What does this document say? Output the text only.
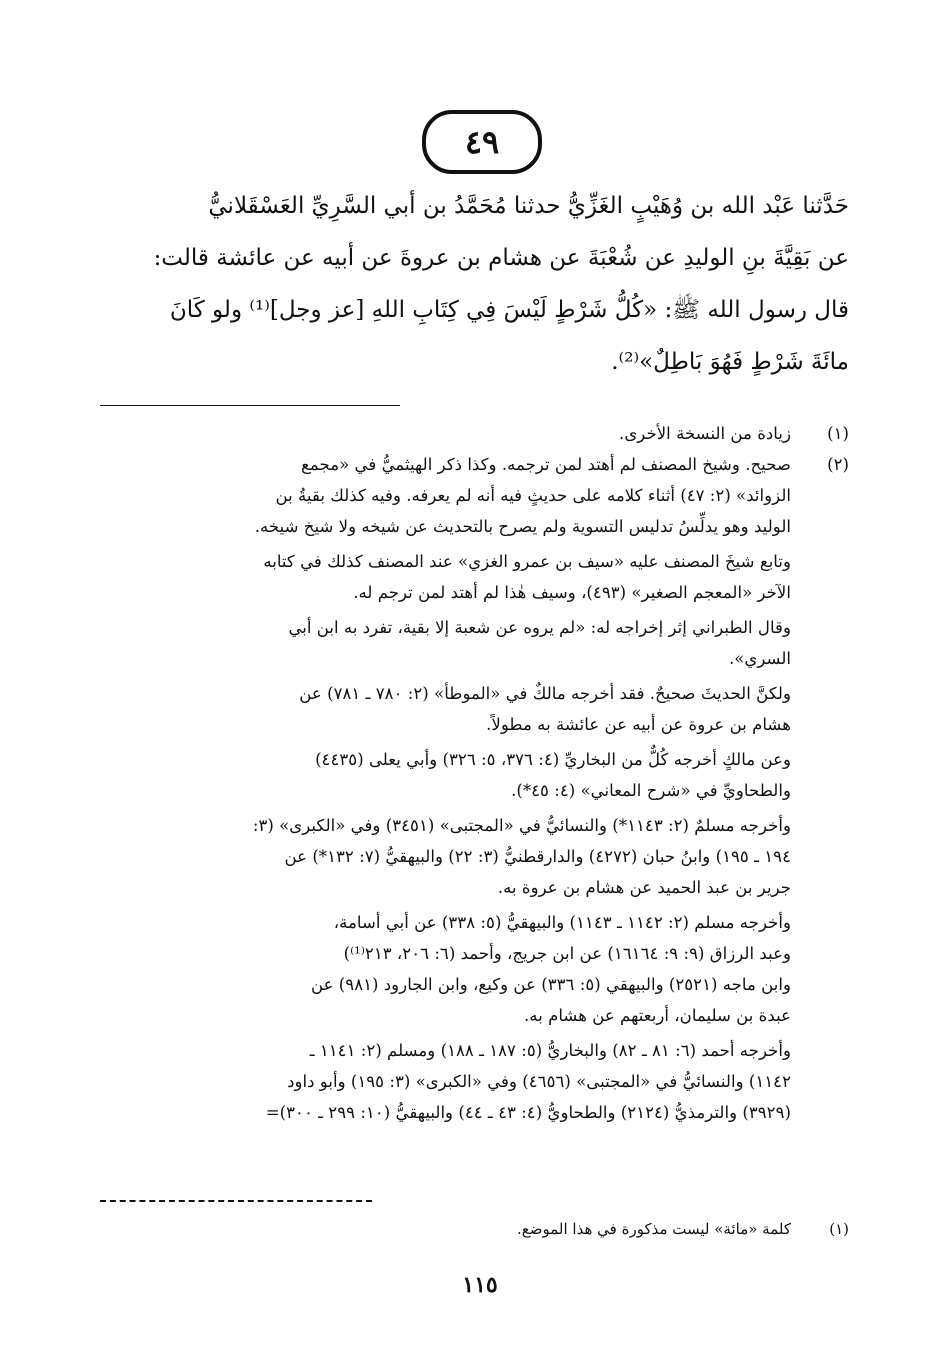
٤٩

حَدَّثنا عَبْد الله بن وُهَيْبٍ الغَزِّيُّ حدثنا مُحَمَّدُ بن أبي السَّرِيِّ العَسْقَلانيُّ

عن بَقِيَّةَ بنِ الوليدِ عن شُعْبَةَ عن هشام بن عروةَ عن أبيه عن عائشة قالت:

قال رسول الله ﷺ: «كُلُّ شَرْطٍ لَيْسَ فِي كِتَابِ اللهِ [عز وجل]⁽¹⁾ ولو كَانَ

مائَةَ شَرْطٍ فَهُوَ بَاطِلٌ»⁽²⁾.

(١)

زيادة من النسخة الأخرى.

(٢)

صحيح. وشيخ المصنف لم أهتد لمن ترجمه. وكذا ذكر الهيثميُّ في «مجمع

الزوائد» (٢: ٤٧) أثناء كلامه على حديثٍ فيه أنه لم يعرفه. وفيه كذلك بقيةُ بن

الوليد وهو يدلِّسُ تدليس التسوية ولم يصرح بالتحديث عن شيخه ولا شيخ شيخه.

وتابع شيخَ المصنف عليه «سيف بن عمرو الغزي» عند المصنف كذلك في كتابه

الآخر «المعجم الصغير» (٤٩٣)، وسيف هٰذا لم أهتد لمن ترجم له.

وقال الطبراني إثر إخراجه له: «لم يروه عن شعبة إلا بقية، تفرد به ابن أبي

السري».

ولكنَّ الحديثَ صحيحٌ. فقد أخرجه مالكٌ في «الموطأ» (٢: ٧٨٠ ـ ٧٨١) عن

هشام بن عروة عن أبيه عن عائشة به مطولاً.

وعن مالكٍ أخرجه كُلٌّ من البخاريِّ (٤: ٣٧٦، ٥: ٣٢٦) وأبي يعلى (٤٤٣٥)

والطحاويِّ في «شرح المعاني» (٤: ٤٥*).

وأخرجه مسلمٌ (٢: ١١٤٣*) والنسائيُّ في «المجتبى» (٣٤٥١) وفي «الكبرى» (٣:

١٩٤ ـ ١٩٥) وابنُ حبان (٤٢٧٢) والدارقطنيُّ (٣: ٢٢) والبيهقيُّ (٧: ١٣٢*) عن

جرير بن عبد الحميد عن هشام بن عروة به.

وأخرجه مسلم (٢: ١١٤٢ ـ ١١٤٣) والبيهقيُّ (٥: ٣٣٨) عن أبي أسامة،

وعبد الرزاق (٩: ٩: ١٦١٦٤) عن ابن جريج، وأحمد (٦: ٢٠٦، ٢١٣⁽¹⁾)

وابن ماجه (٢٥٢١) والبيهقي (٥: ٣٣٦) عن وكيع، وابن الجارود (٩٨١) عن

عبدة بن سليمان، أربعتهم عن هشام به.

وأخرجه أحمد (٦: ٨١ ـ ٨٢) والبخاريُّ (٥: ١٨٧ ـ ١٨٨) ومسلم (٢: ١١٤١ ـ

١١٤٢) والنسائيُّ في «المجتبى» (٤٦٥٦) وفي «الكبرى» (٣: ١٩٥) وأبو داود

(٣٩٢٩) والترمذيُّ (٢١٢٤) والطحاويُّ (٤: ٤٣ ـ ٤٤) والبيهقيُّ (١٠: ٢٩٩ ـ ٣٠٠)=

(١)
كلمة «مائة» ليست مذكورة في هذا الموضع.
١١٥
